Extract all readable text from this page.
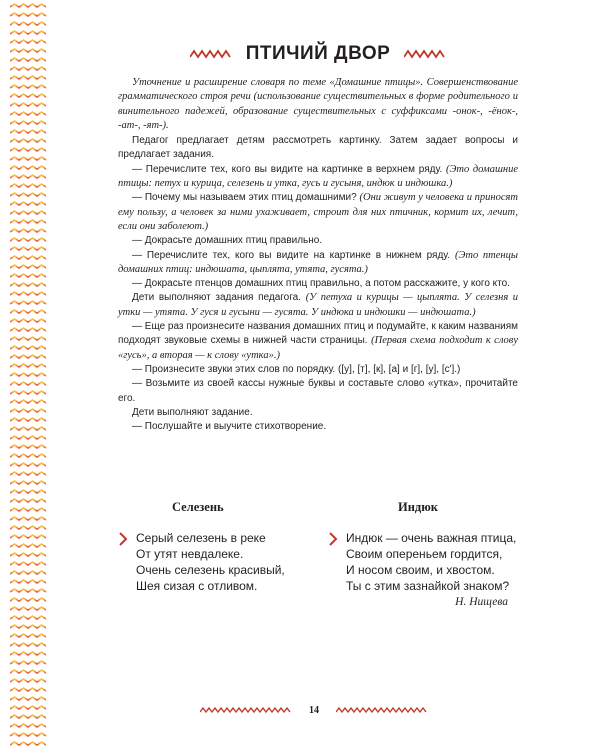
ПТИЧИЙ ДВОР

Уточнение и расширение словаря по теме «Домашние птицы». Совершенствование грамматического строя речи (использование существительных в форме родительного и винительного падежей, образование существительных с суффиксами -онок-, -ёнок-, -ат-, -ят-).

Педагог предлагает детям рассмотреть картинку. Затем задает вопросы и предлагает задания.

— Перечислите тех, кого вы видите на картинке в верхнем ряду. (Это домашние птицы: петух и курица, селезень и утка, гусь и гусыня, индюк и индюшка.)

— Почему мы называем этих птиц домашними? (Они живут у человека и приносят ему пользу, а человек за ними ухаживает, строит для них птичник, кормит их, лечит, если они заболеют.)

— Докрасьте домашних птиц правильно.

— Перечислите тех, кого вы видите на картинке в нижнем ряду. (Это птенцы домашних птиц: индюшата, цыплята, утята, гусята.)

— Докрасьте птенцов домашних птиц правильно, а потом расскажите, у кого кто.

Дети выполняют задания педагога. (У петуха и курицы — цыплята. У селезня и утки — утята. У гуся и гусыни — гусята. У индюка и индюшки — индюшата.)

— Еще раз произнесите названия домашних птиц и подумайте, к каким названиям подходят звуковые схемы в нижней части страницы. (Первая схема подходит к слову «гусь», а вторая — к слову «утка».)

— Произнесите звуки этих слов по порядку. ([у], [т], [к], [а] и [г], [у], [с'].)

— Возьмите из своей кассы нужные буквы и составьте слово «утка», прочитайте его.

Дети выполняют задание.

— Послушайте и выучите стихотворение.

Селезень
Серый селезень в реке
От утят невдалеке.
Очень селезень красивый,
Шея сизая с отливом.
Индюк
Индюк — очень важная птица,
Своим опереньем гордится,
И носом своим, и хвостом.
Ты с этим зазнайкой знаком?
Н. Нищева
14
